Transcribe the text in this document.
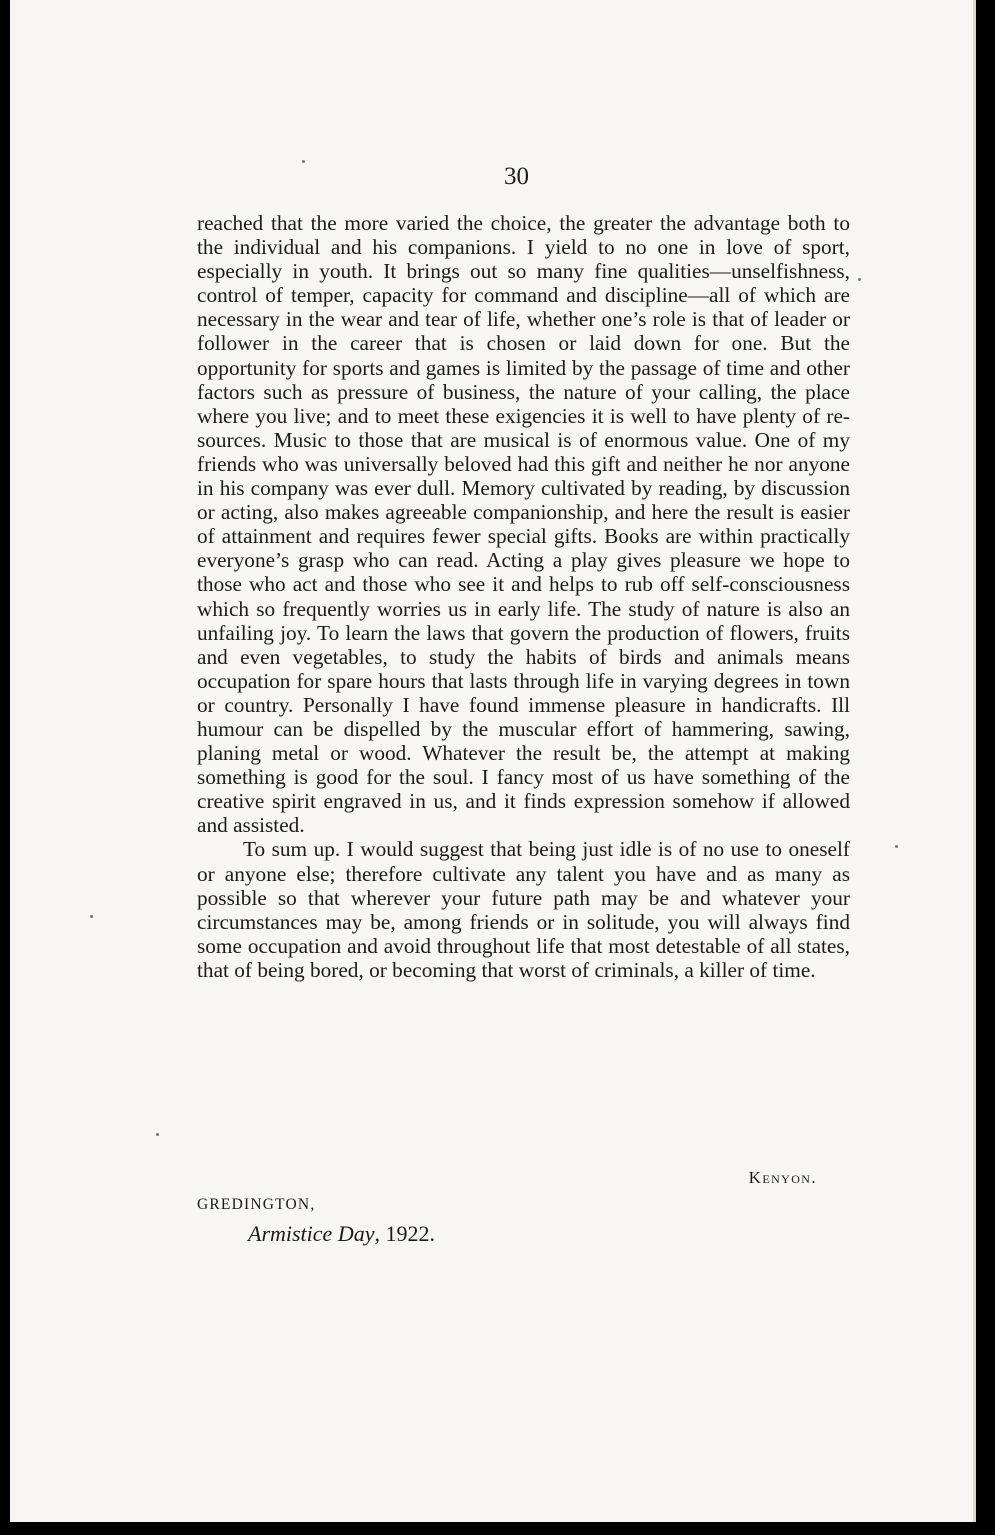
30

reached that the more varied the choice, the greater the advantage both to the individual and his companions. I yield to no one in love of sport, especially in youth. It brings out so many fine qualities—unselfishness, control of temper, capacity for command and discipline—all of which are necessary in the wear and tear of life, whether one’s role is that of leader or follower in the career that is chosen or laid down for one. But the opportunity for sports and games is limited by the passage of time and other factors such as pressure of business, the nature of your calling, the place where you live; and to meet these exigencies it is well to have plenty of resources. Music to those that are musical is of enormous value. One of my friends who was universally beloved had this gift and neither he nor anyone in his company was ever dull. Memory cultivated by reading, by discussion or acting, also makes agreeable companionship, and here the result is easier of attainment and requires fewer special gifts. Books are within practically everyone’s grasp who can read. Acting a play gives pleasure we hope to those who act and those who see it and helps to rub off self-consciousness which so frequently worries us in early life. The study of nature is also an unfailing joy. To learn the laws that govern the production of flowers, fruits and even vegetables, to study the habits of birds and animals means occupation for spare hours that lasts through life in varying degrees in town or country. Personally I have found immense pleasure in handicrafts. Ill humour can be dispelled by the muscular effort of hammering, sawing, planing metal or wood. Whatever the result be, the attempt at making something is good for the soul. I fancy most of us have something of the creative spirit engraved in us, and it finds expression somehow if allowed and assisted.

To sum up. I would suggest that being just idle is of no use to oneself or anyone else; therefore cultivate any talent you have and as many as possible so that wherever your future path may be and whatever your circumstances may be, among friends or in solitude, you will always find some occupation and avoid throughout life that most detestable of all states, that of being bored, or becoming that worst of criminals, a killer of time.

Kenyon.

GREDINGTON,

Armistice Day, 1922.
